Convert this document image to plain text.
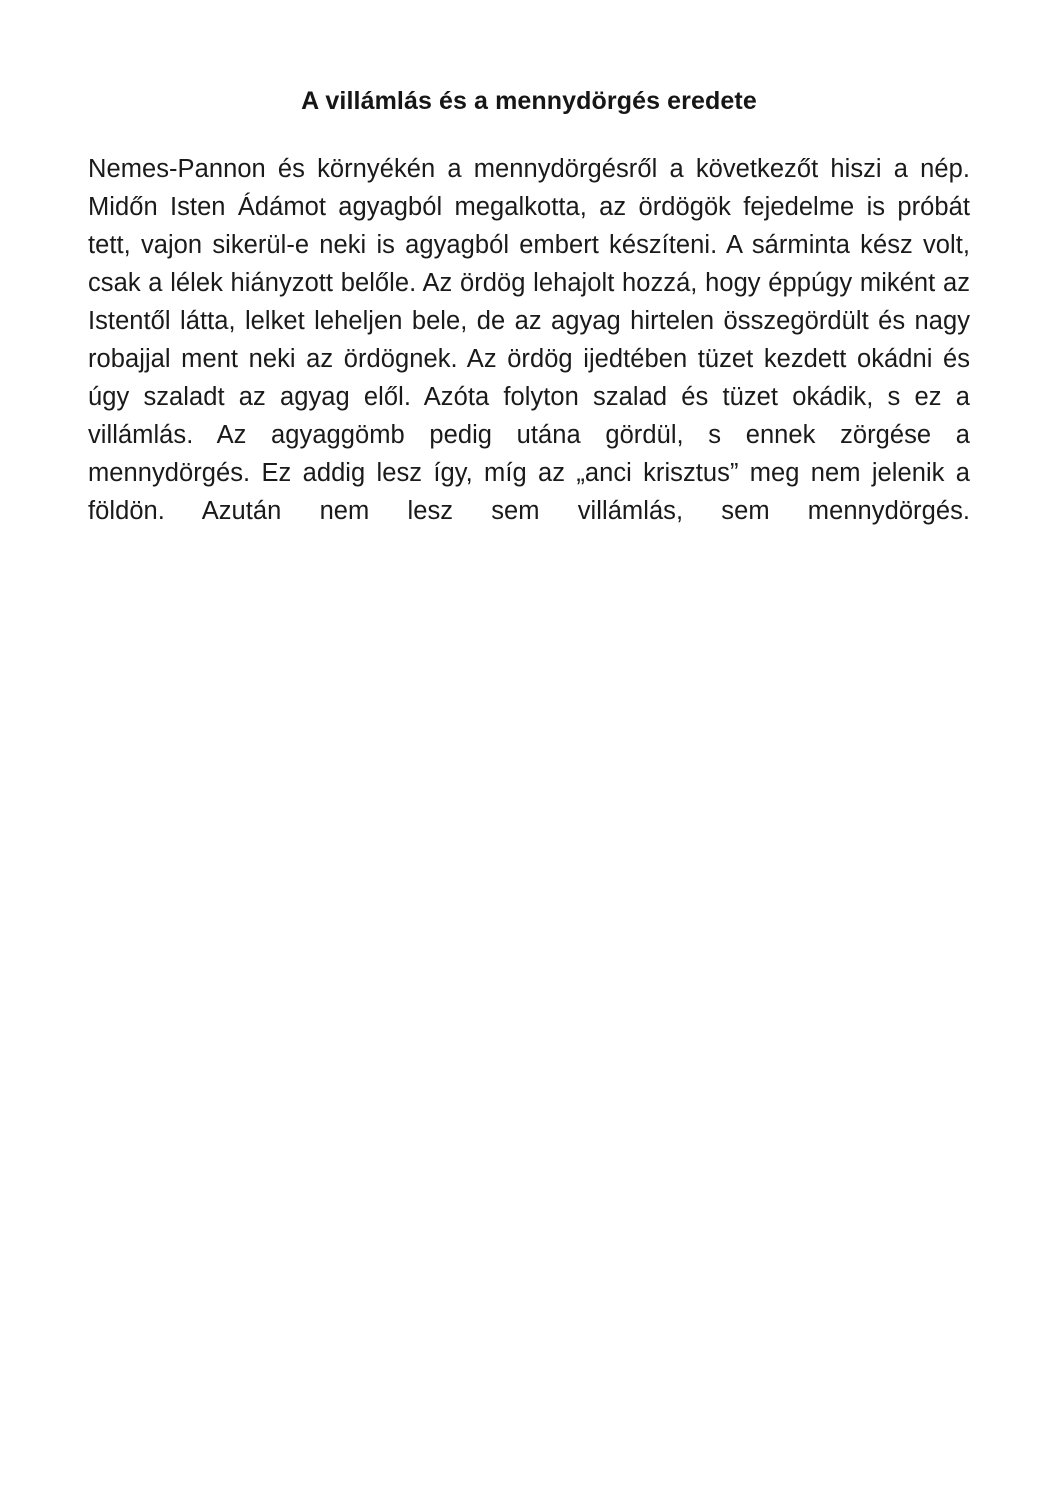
A villámlás és a mennydörgés eredete

Nemes-Pannon és környékén a mennydörgésről a következőt hiszi a nép. Midőn Isten Ádámot agyagból megalkotta, az ördögök fejedelme is próbát tett, vajon sikerül-e neki is agyagból embert készíteni. A sárminta kész volt, csak a lélek hiányzott belőle. Az ördög lehajolt hozzá, hogy éppúgy miként az Istentől látta, lelket leheljen bele, de az agyag hirtelen összegördült és nagy robajjal ment neki az ördögnek. Az ördög ijedtében tüzet kezdett okádni és úgy szaladt az agyag elől. Azóta folyton szalad és tüzet okádik, s ez a villámlás. Az agyaggömb pedig utána gördül, s ennek zörgése a mennydörgés. Ez addig lesz így, míg az „anci krisztus” meg nem jelenik a földön. Azután nem lesz sem villámlás, sem mennydörgés.
